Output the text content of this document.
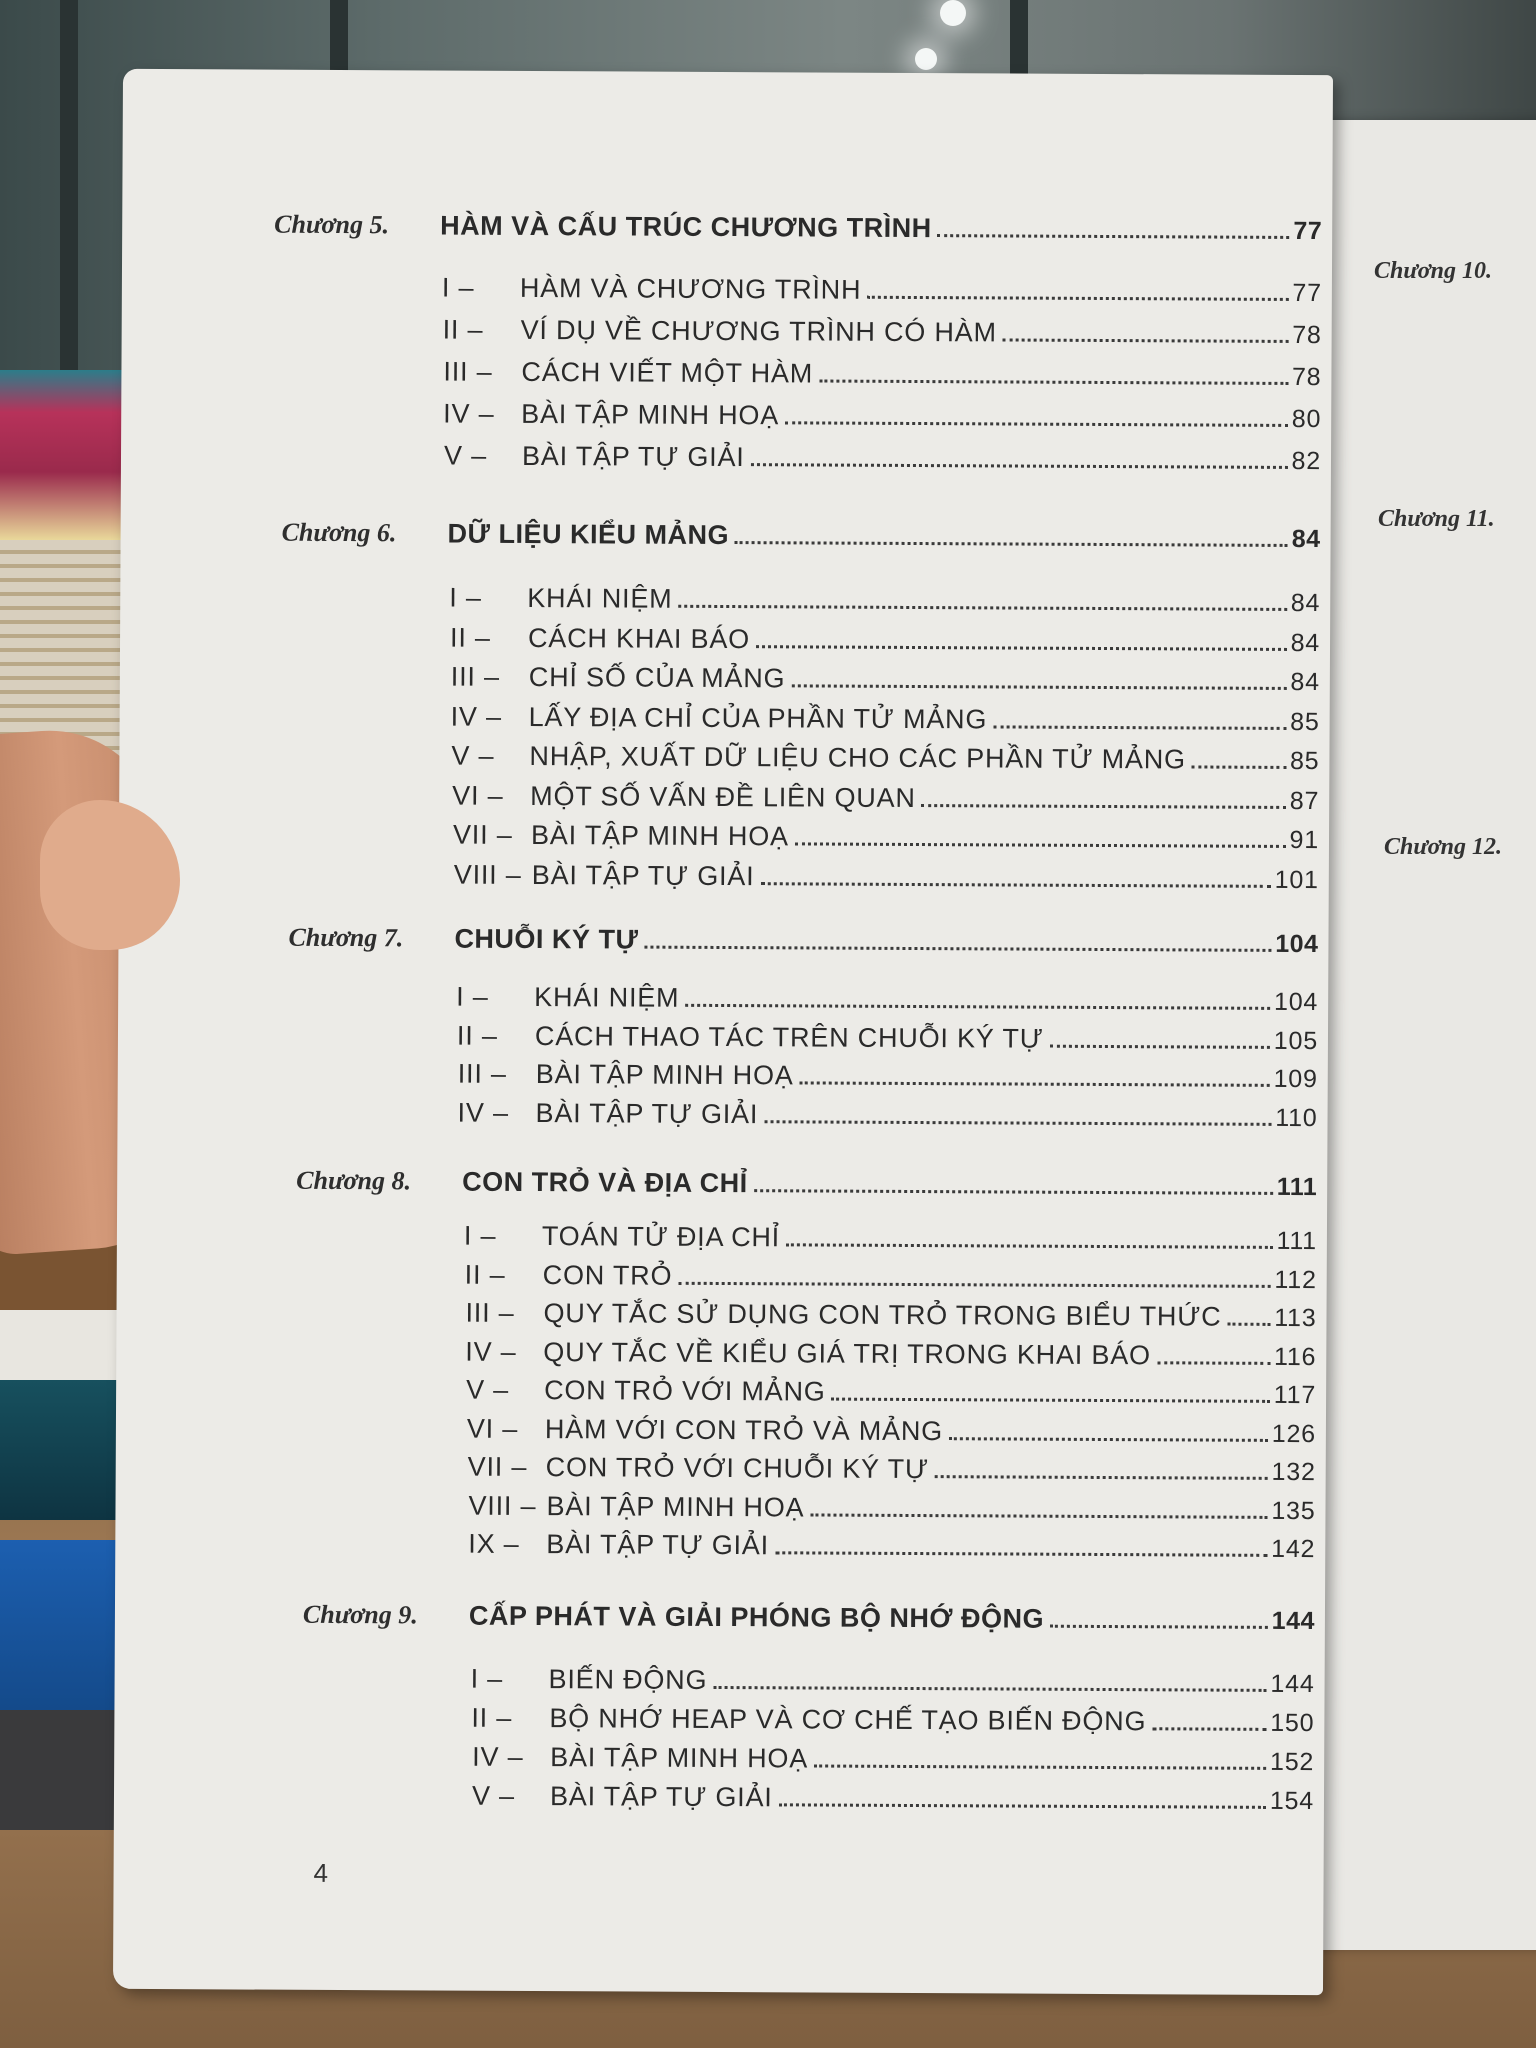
Chương 10.
Chương 11.
Chương 12.
Chương 5. HÀM VÀ CẤU TRÚC CHƯƠNG TRÌNH	77
I –	HÀM VÀ CHƯƠNG TRÌNH	77
II –	VÍ DỤ VỀ CHƯƠNG TRÌNH CÓ HÀM	78
III –	CÁCH VIẾT MỘT HÀM	78
IV – BÀI TẬP MINH HOẠ	80
V –	BÀI TẬP TỰ GIẢI	82
Chương 6. DỮ LIỆU KIỂU MẢNG	84
I –	KHÁI NIỆM	84
II –	CÁCH KHAI BÁO	84
III –	CHỈ SỐ CỦA MẢNG	84
IV – LẤY ĐỊA CHỈ CỦA PHẦN TỬ MẢNG	85
V –	NHẬP, XUẤT DỮ LIỆU CHO CÁC PHẦN TỬ MẢNG	85
VI – MỘT SỐ VẤN ĐỀ LIÊN QUAN	87
VII – BÀI TẬP MINH HOẠ	91
VIII – BÀI TẬP TỰ GIẢI	101
Chương 7. CHUỖI KÝ TỰ	104
I –	KHÁI NIỆM	104
II –	CÁCH THAO TÁC TRÊN CHUỖI KÝ TỰ	105
III –	BÀI TẬP MINH HOẠ	109
IV – BÀI TẬP TỰ GIẢI	110
Chương 8. CON TRỎ VÀ ĐỊA CHỈ	111
I –	TOÁN TỬ ĐỊA CHỈ	111
II –	CON TRỎ	112
III –	QUY TẮC SỬ DỤNG CON TRỎ TRONG BIỂU THỨC 113
IV – QUY TẮC VỀ KIỂU GIÁ TRỊ TRONG KHAI BÁO	116
V –	CON TRỎ VỚI MẢNG	117
VI – HÀM VỚI CON TRỎ VÀ MẢNG	126
VII – CON TRỎ VỚI CHUỖI KÝ TỰ	132
VIII – BÀI TẬP MINH HOẠ	135
IX – BÀI TẬP TỰ GIẢI	142
Chương 9. CẤP PHÁT VÀ GIẢI PHÓNG BỘ NHỚ ĐỘNG	144
I –	BIẾN ĐỘNG	144
II –	BỘ NHỚ HEAP VÀ CƠ CHẾ TẠO BIẾN ĐỘNG	150
IV – BÀI TẬP MINH HOẠ	152
V –	BÀI TẬP TỰ GIẢI	154
4
